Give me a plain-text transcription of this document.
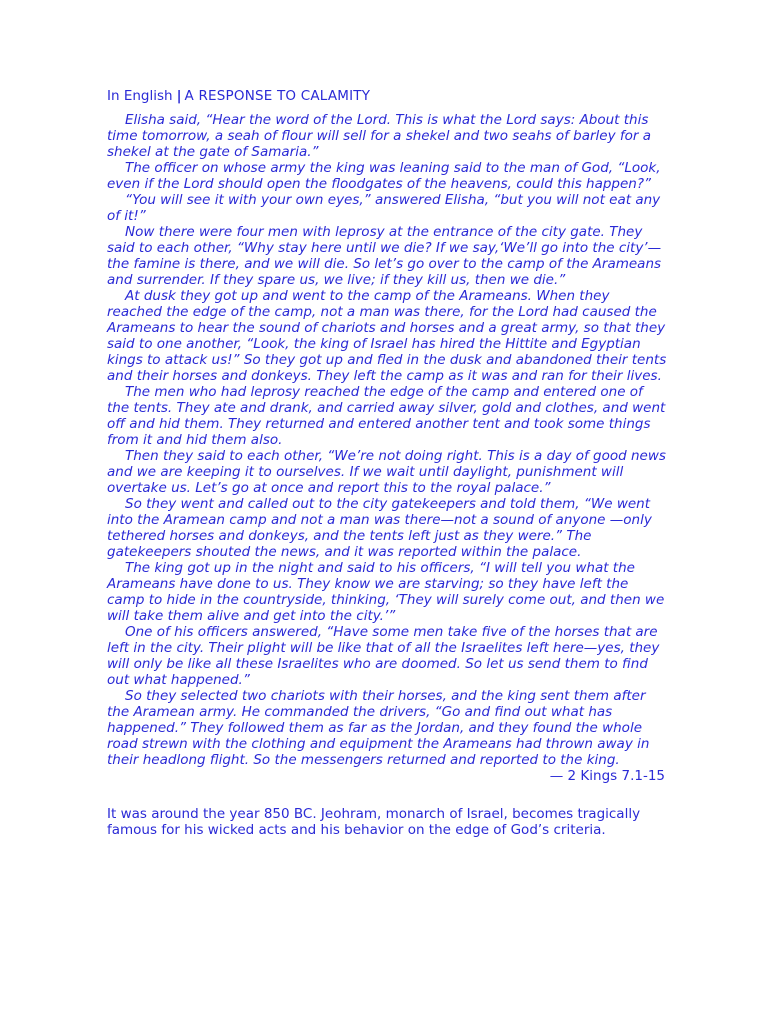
In English | A RESPONSE TO CALAMITY

Elisha said, “Hear the word of the Lord. This is what the Lord says: About this time tomorrow, a seah of flour will sell for a shekel and two seahs of barley for a shekel at the gate of Samaria.”

The officer on whose army the king was leaning said to the man of God, “Look, even if the Lord should open the floodgates of the heavens, could this happen?”

“You will see it with your own eyes,” answered Elisha, “but you will not eat any of it!”

Now there were four men with leprosy at the entrance of the city gate. They said to each other, “Why stay here until we die? If we say,‘We’ll go into the city’—the famine is there, and we will die. So let’s go over to the camp of the Arameans and surrender. If they spare us, we live; if they kill us, then we die.”

At dusk they got up and went to the camp of the Arameans. When they reached the edge of the camp, not a man was there, for the Lord had caused the Arameans to hear the sound of chariots and horses and a great army, so that they said to one another, “Look, the king of Israel has hired the Hittite and Egyptian kings to attack us!” So they got up and fled in the dusk and abandoned their tents and their horses and donkeys. They left the camp as it was and ran for their lives.

The men who had leprosy reached the edge of the camp and entered one of the tents. They ate and drank, and carried away silver, gold and clothes, and went off and hid them. They returned and entered another tent and took some things from it and hid them also.

Then they said to each other, “We’re not doing right. This is a day of good news and we are keeping it to ourselves. If we wait until daylight, punishment will overtake us. Let’s go at once and report this to the royal palace.”

So they went and called out to the city gatekeepers and told them, “We went into the Aramean camp and not a man was there—not a sound of anyone —only tethered horses and donkeys, and the tents left just as they were.” The gatekeepers shouted the news, and it was reported within the palace.

The king got up in the night and said to his officers, “I will tell you what the Arameans have done to us. They know we are starving; so they have left the camp to hide in the countryside, thinking, ‘They will surely come out, and then we will take them alive and get into the city.’”

One of his officers answered, “Have some men take five of the horses that are left in the city. Their plight will be like that of all the Israelites left here—yes, they will only be like all these Israelites who are doomed. So let us send them to find out what happened.”

So they selected two chariots with their horses, and the king sent them after the Aramean army. He commanded the drivers, “Go and find out what has happened.” They followed them as far as the Jordan, and they found the whole road strewn with the clothing and equipment the Arameans had thrown away in their headlong flight. So the messengers returned and reported to the king.

— 2 Kings 7.1-15

It was around the year 850 BC. Jeohram, monarch of Israel, becomes tragically famous for his wicked acts and his behavior on the edge of God’s criteria.
